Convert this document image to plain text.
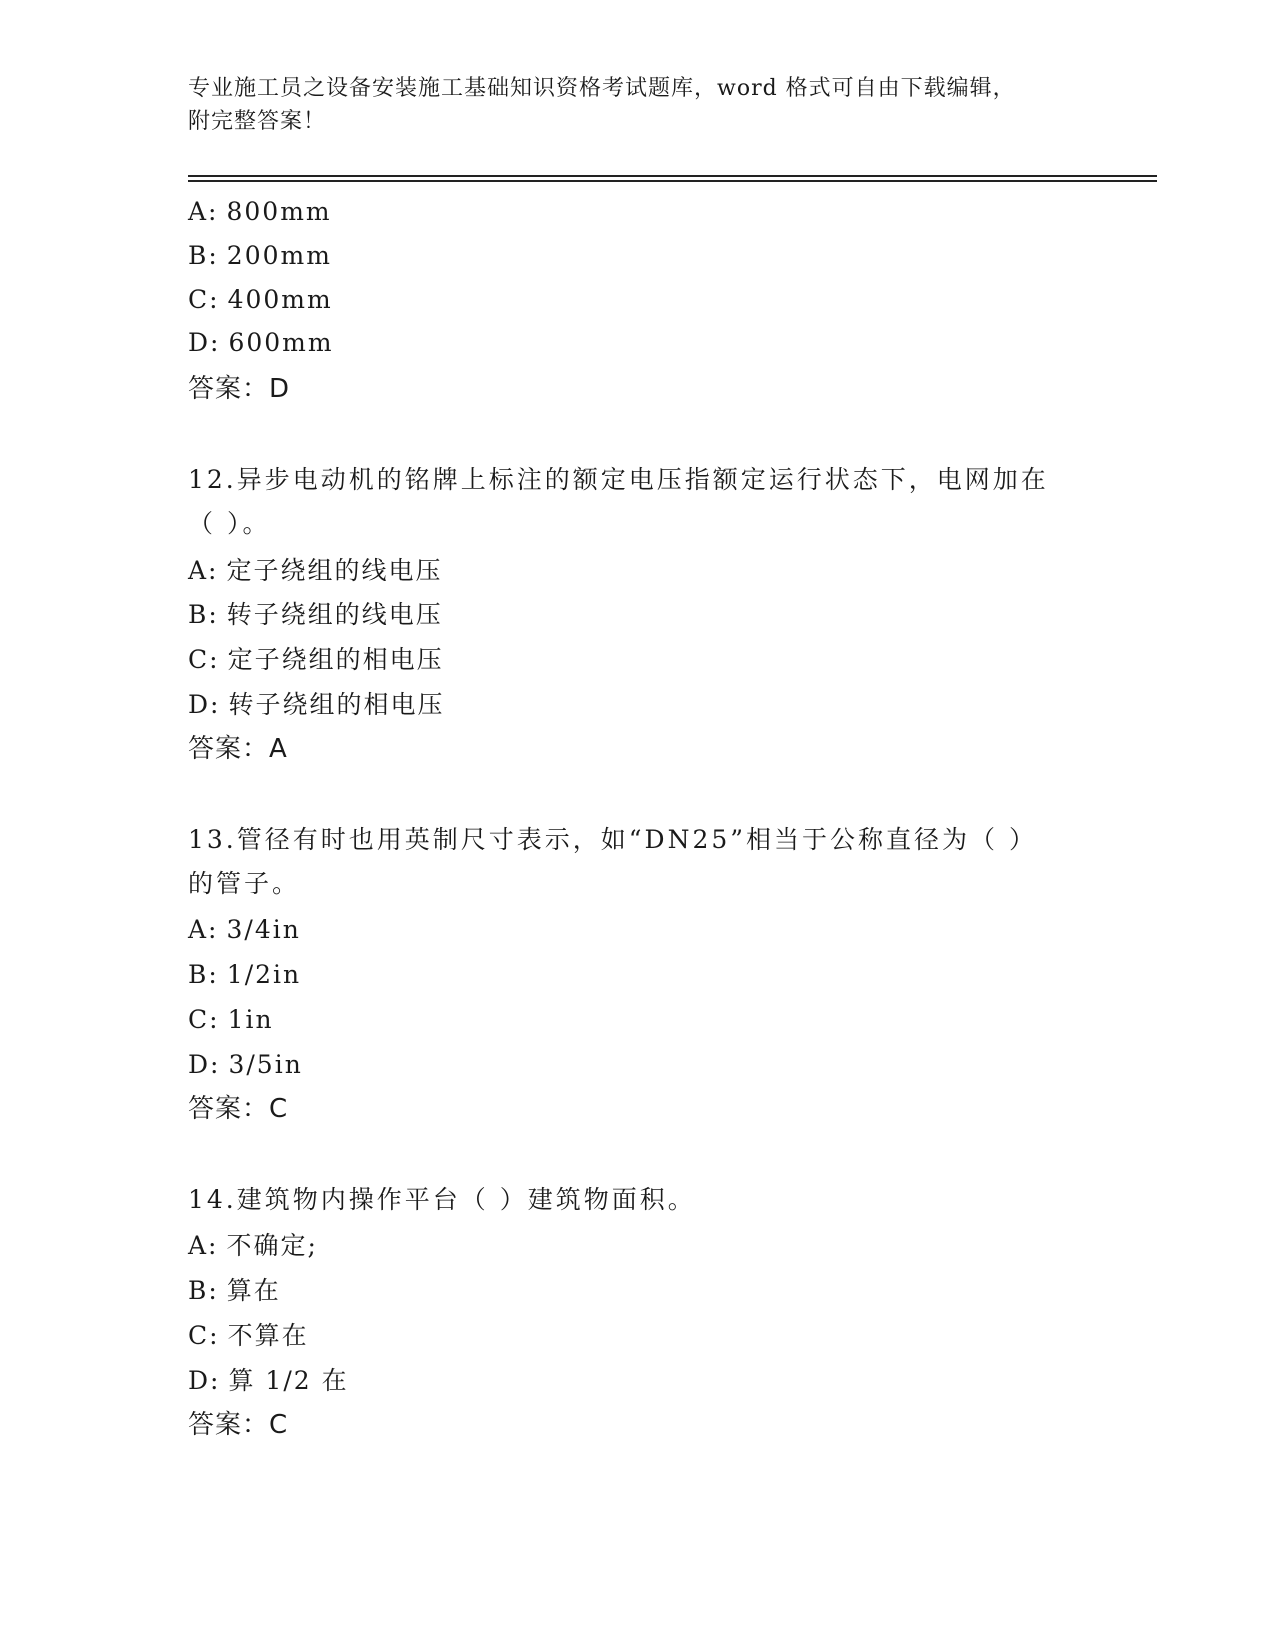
专业施工员之设备安装施工基础知识资格考试题库，word 格式可自由下载编辑，
附完整答案！
A: 800mm
B: 200mm
C: 400mm
D: 600mm
答案：D
12.异步电动机的铭牌上标注的额定电压指额定运行状态下，电网加在
（ ）。
A: 定子绕组的线电压
B: 转子绕组的线电压
C: 定子绕组的相电压
D: 转子绕组的相电压
答案：A
13.管径有时也用英制尺寸表示，如“DN25”相当于公称直径为（ ）
的管子。
A: 3/4in
B: 1/2in
C: 1in
D: 3/5in
答案：C
14.建筑物内操作平台（ ）建筑物面积。
A: 不确定;
B: 算在
C: 不算在
D: 算 1/2 在
答案：C
